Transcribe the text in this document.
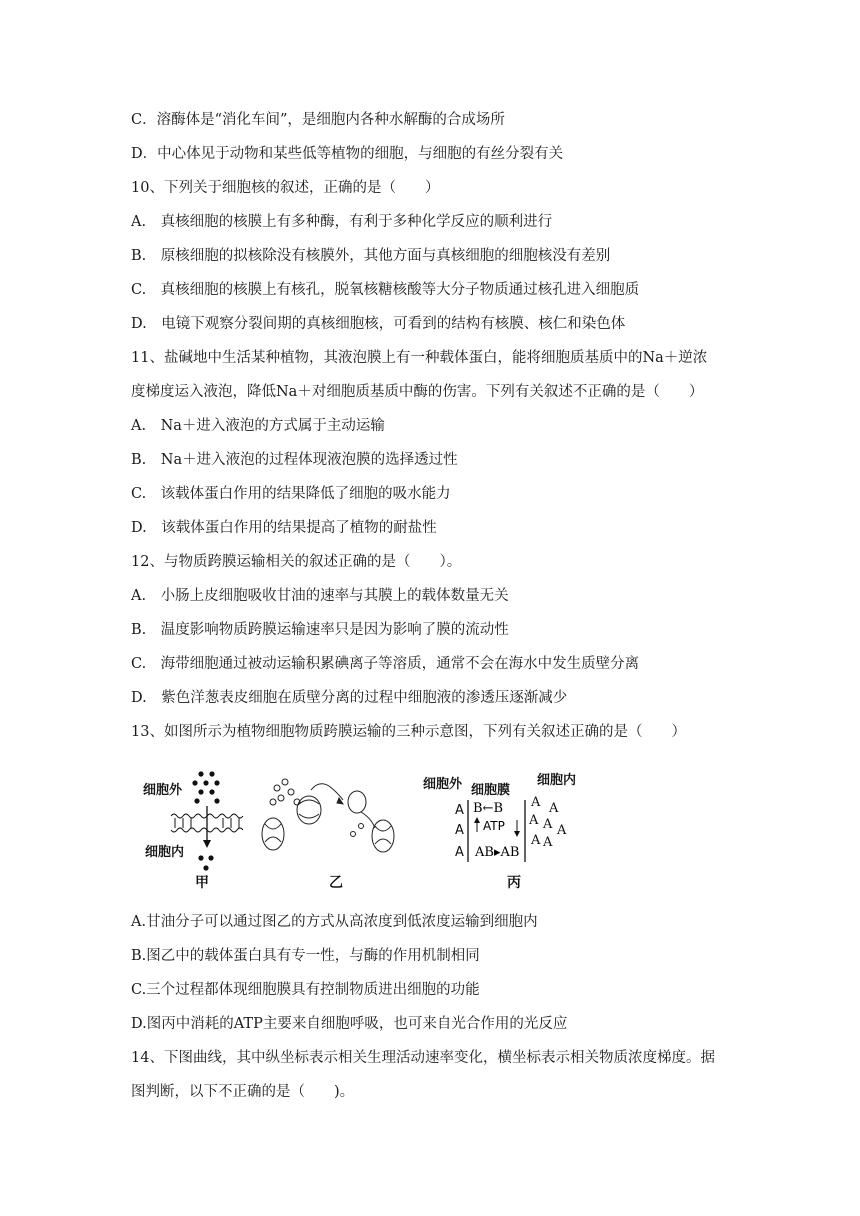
C．溶酶体是“消化车间”，是细胞内各种水解酶的合成场所
D．中心体见于动物和某些低等植物的细胞，与细胞的有丝分裂有关
10、下列关于细胞核的叙述，正确的是（　　）
A.　真核细胞的核膜上有多种酶，有利于多种化学反应的顺利进行
B.　原核细胞的拟核除没有核膜外，其他方面与真核细胞的细胞核没有差别
C.　真核细胞的核膜上有核孔，脱氧核糖核酸等大分子物质通过核孔进入细胞质
D.　电镜下观察分裂间期的真核细胞核，可看到的结构有核膜、核仁和染色体
11、盐碱地中生活某种植物，其液泡膜上有一种载体蛋白，能将细胞质基质中的Na＋逆浓
度梯度运入液泡，降低Na＋对细胞质基质中酶的伤害。下列有关叙述不正确的是（　　）
A.　Na＋进入液泡的方式属于主动运输
B.　Na＋进入液泡的过程体现液泡膜的选择透过性
C.　该载体蛋白作用的结果降低了细胞的吸水能力
D.　该载体蛋白作用的结果提高了植物的耐盐性
12、与物质跨膜运输相关的叙述正确的是（　　）。
A.　小肠上皮细胞吸收甘油的速率与其膜上的载体数量无关
B.　温度影响物质跨膜运输速率只是因为影响了膜的流动性
C.　海带细胞通过被动运输积累碘离子等溶质，通常不会在海水中发生质壁分离
D.　紫色洋葱表皮细胞在质壁分离的过程中细胞液的渗透压逐渐减少
13、如图所示为植物细胞物质跨膜运输的三种示意图，下列有关叙述正确的是（　　）
A.甘油分子可以通过图乙的方式从高浓度到低浓度运输到细胞内
B.图乙中的载体蛋白具有专一性，与酶的作用机制相同
C.三个过程都体现细胞膜具有控制物质进出细胞的功能
D.图丙中消耗的ATP主要来自细胞呼吸，也可来自光合作用的光反应
14、下图曲线，其中纵坐标表示相关生理活动速率变化，横坐标表示相关物质浓度梯度。据
图判断，以下不正确的是（　　)。
细胞外
细胞内
甲	乙
细胞外 细胞膜
细胞内
A
A
A
B←B
ATP
AB▸AB
A A
A A A
A A
丙
